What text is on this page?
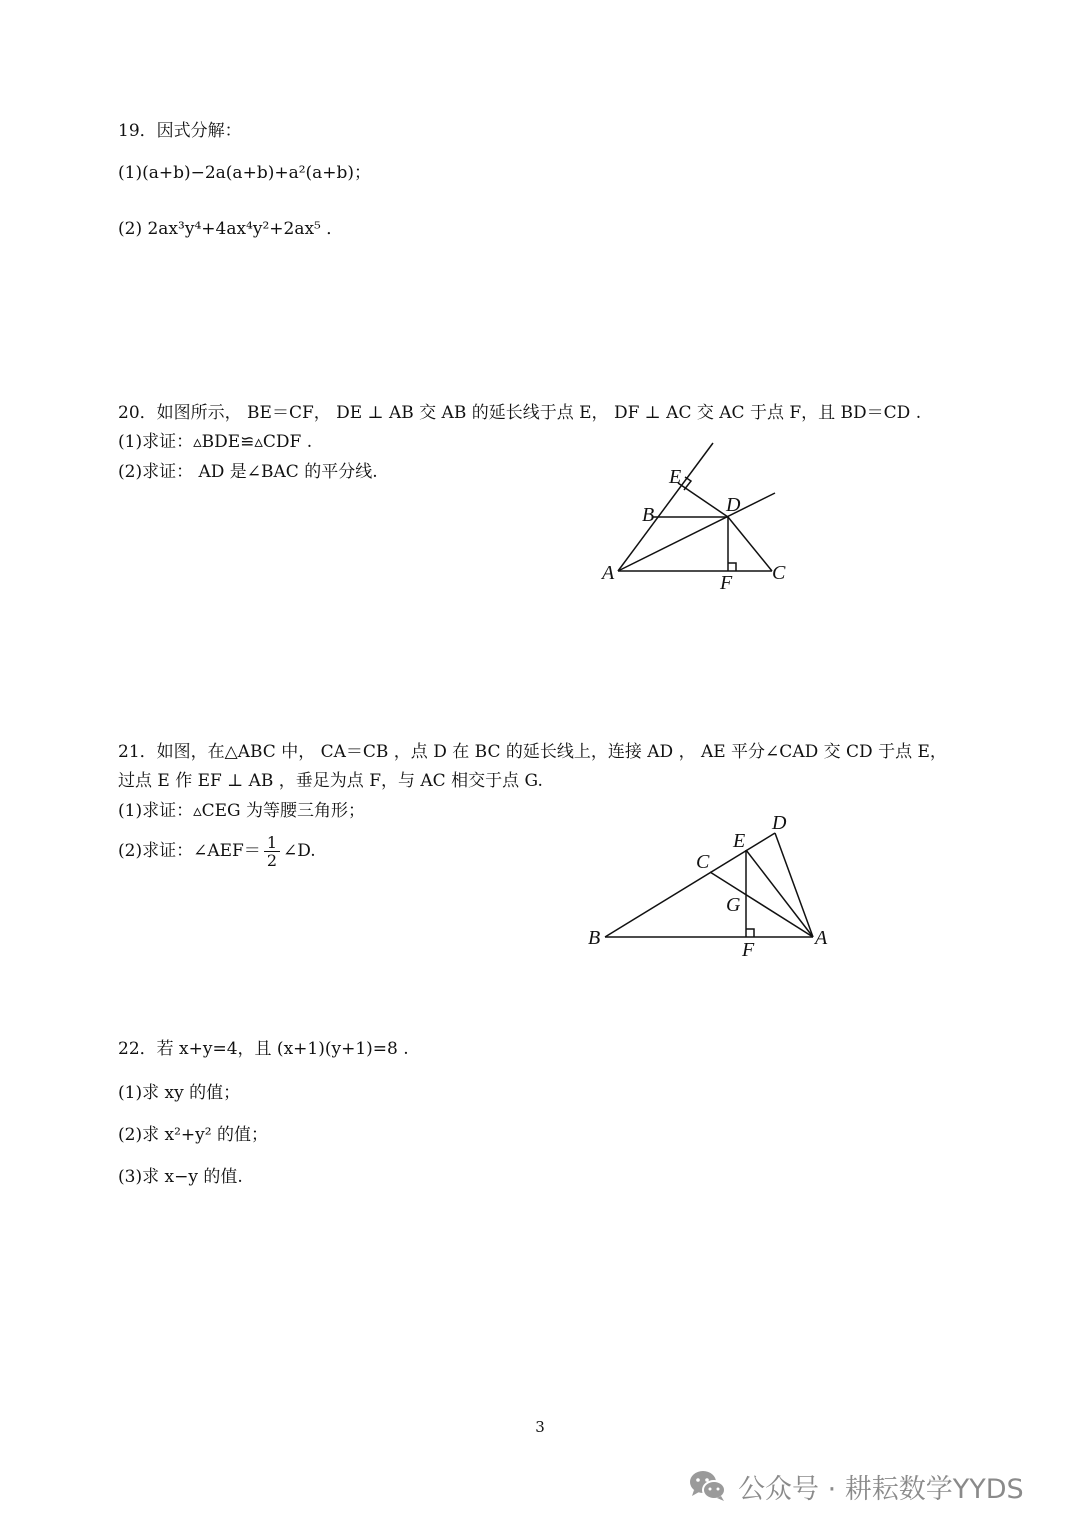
19．因式分解：
(1)(a+b)−2a(a+b)+a²(a+b)；
(2) 2ax³y⁴+4ax⁴y²+2ax⁵ ．
20．如图所示， BE＝CF， DE ⊥ AB 交 AB 的延长线于点 E， DF ⊥ AC 交 AC 于点 F，且 BD＝CD .
(1)求证：▵BDE≌▵CDF .
(2)求证： AD 是∠BAC 的平分线.	E
B	D
A	F C
21．如图，在△ABC 中， CA＝CB ，点 D 在 BC 的延长线上，连接 AD ， AE 平分∠CAD 交 CD 于点 E，
过点 E 作 EF ⊥ AB ，垂足为点 F，与 AC 相交于点 G.
(1)求证：▵CEG 为等腰三角形；
(2)求证：∠AEF＝ $\frac{1}{2}$ ∠D.
D
E
C
G
B
F
A
22．若 x+y=4，且 (x+1)(y+1)=8 .
(1)求 xy 的值；
(2)求 x²+y² 的值；
(3)求 x−y 的值.
3
公众号 · 耕耘数学YYDS
